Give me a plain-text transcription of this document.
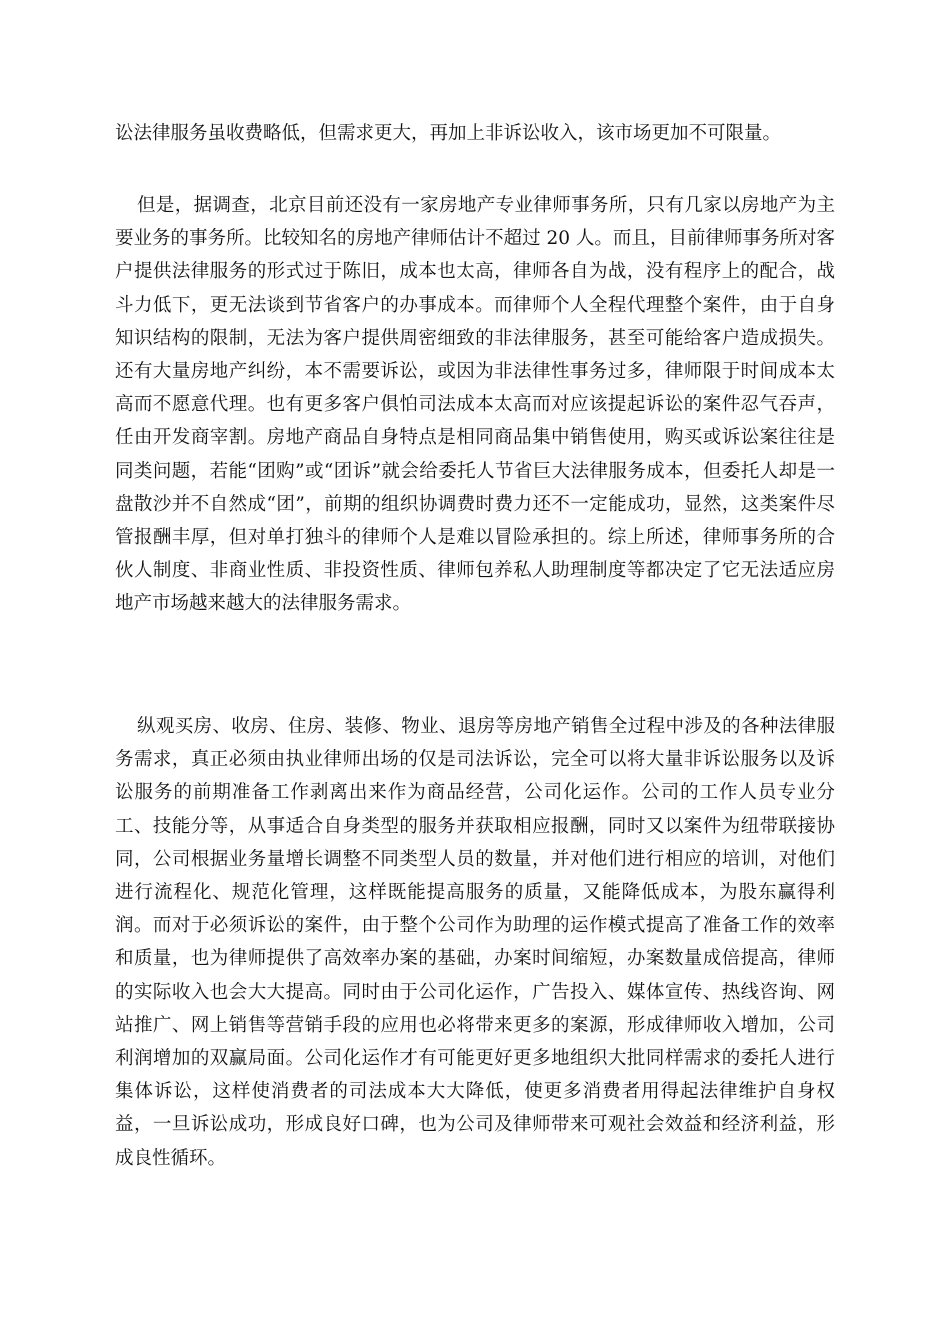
讼法律服务虽收费略低，但需求更大，再加上非诉讼收入，该市场更加不可限量。

但是，据调查，北京目前还没有一家房地产专业律师事务所，只有几家以房地产为主要业务的事务所。比较知名的房地产律师估计不超过 20 人。而且，目前律师事务所对客户提供法律服务的形式过于陈旧，成本也太高，律师各自为战，没有程序上的配合，战斗力低下，更无法谈到节省客户的办事成本。而律师个人全程代理整个案件，由于自身知识结构的限制，无法为客户提供周密细致的非法律服务，甚至可能给客户造成损失。还有大量房地产纠纷，本不需要诉讼，或因为非法律性事务过多，律师限于时间成本太高而不愿意代理。也有更多客户俱怕司法成本太高而对应该提起诉讼的案件忍气吞声，任由开发商宰割。房地产商品自身特点是相同商品集中销售使用，购买或诉讼案往往是同类问题，若能“团购”或“团诉”就会给委托人节省巨大法律服务成本，但委托人却是一盘散沙并不自然成“团”，前期的组织协调费时费力还不一定能成功，显然，这类案件尽管报酬丰厚，但对单打独斗的律师个人是难以冒险承担的。综上所述，律师事务所的合伙人制度、非商业性质、非投资性质、律师包养私人助理制度等都决定了它无法适应房地产市场越来越大的法律服务需求。

纵观买房、收房、住房、装修、物业、退房等房地产销售全过程中涉及的各种法律服务需求，真正必须由执业律师出场的仅是司法诉讼，完全可以将大量非诉讼服务以及诉讼服务的前期准备工作剥离出来作为商品经营，公司化运作。公司的工作人员专业分工、技能分等，从事适合自身类型的服务并获取相应报酬，同时又以案件为纽带联接协同，公司根据业务量增长调整不同类型人员的数量，并对他们进行相应的培训，对他们进行流程化、规范化管理，这样既能提高服务的质量，又能降低成本，为股东赢得利润。而对于必须诉讼的案件，由于整个公司作为助理的运作模式提高了准备工作的效率和质量，也为律师提供了高效率办案的基础，办案时间缩短，办案数量成倍提高，律师的实际收入也会大大提高。同时由于公司化运作，广告投入、媒体宣传、热线咨询、网站推广、网上销售等营销手段的应用也必将带来更多的案源，形成律师收入增加，公司利润增加的双赢局面。公司化运作才有可能更好更多地组织大批同样需求的委托人进行集体诉讼，这样使消费者的司法成本大大降低，使更多消费者用得起法律维护自身权益，一旦诉讼成功，形成良好口碑，也为公司及律师带来可观社会效益和经济利益，形成良性循环。
